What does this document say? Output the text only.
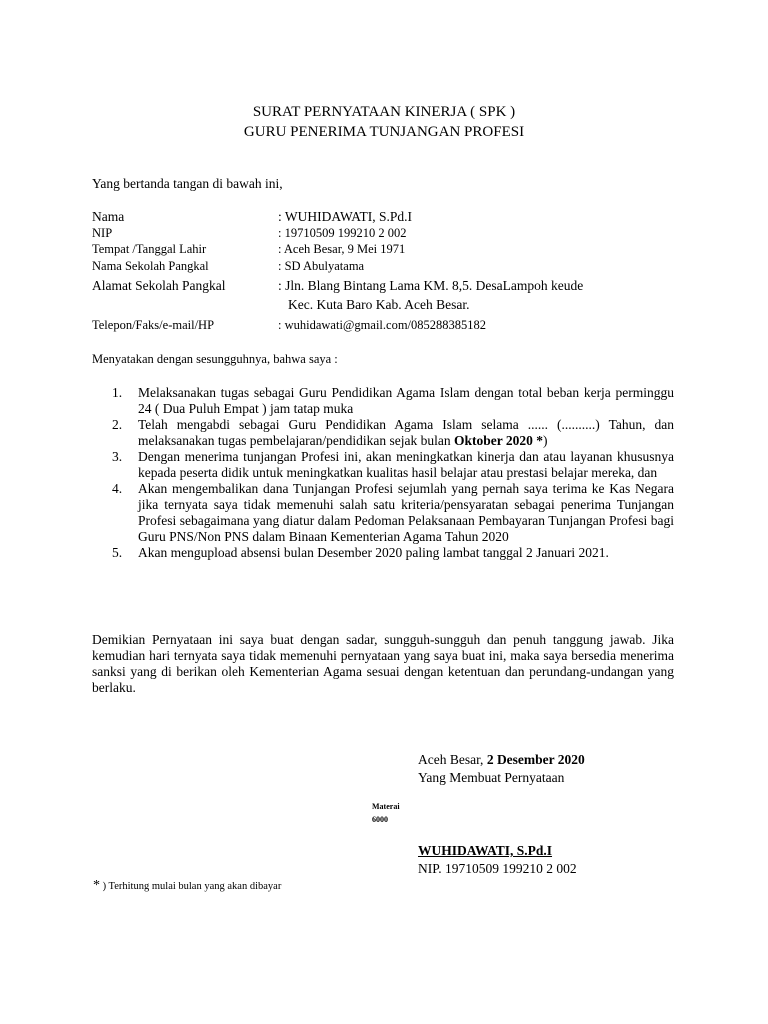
SURAT PERNYATAAN KINERJA ( SPK )
GURU PENERIMA TUNJANGAN PROFESI
Yang bertanda tangan di bawah ini,
Nama	: WUHIDAWATI, S.Pd.I
NIP	: 19710509 199210 2 002
Tempat /Tanggal Lahir	: Aceh Besar, 9 Mei 1971
Nama Sekolah Pangkal	: SD Abulyatama
Alamat Sekolah Pangkal	: Jln. Blang Bintang Lama KM. 8,5. DesaLampoh keude
Kec. Kuta Baro Kab. Aceh Besar.
Telepon/Faks/e-mail/HP	: wuhidawati@gmail.com/085288385182
Menyatakan dengan sesungguhnya, bahwa saya :
1. Melaksanakan tugas sebagai Guru Pendidikan Agama Islam dengan total beban kerja perminggu 24 ( Dua Puluh Empat ) jam tatap muka
2. Telah mengabdi sebagai Guru Pendidikan Agama Islam selama ...... (..........) Tahun, dan melaksanakan tugas pembelajaran/pendidikan sejak bulan Oktober 2020 *)
3. Dengan menerima tunjangan Profesi ini, akan meningkatkan kinerja dan atau layanan khususnya kepada peserta didik untuk meningkatkan kualitas hasil belajar atau prestasi belajar mereka, dan
4. Akan mengembalikan dana Tunjangan Profesi sejumlah yang pernah saya terima ke Kas Negara jika ternyata saya tidak memenuhi salah satu kriteria/pensyaratan sebagai penerima Tunjangan Profesi sebagaimana yang diatur dalam Pedoman Pelaksanaan Pembayaran Tunjangan Profesi bagi Guru PNS/Non PNS dalam Binaan Kementerian Agama Tahun 2020
5. Akan mengupload absensi bulan Desember 2020 paling lambat tanggal 2 Januari 2021.
Demikian Pernyataan ini saya buat dengan sadar, sungguh-sungguh dan penuh tanggung jawab. Jika kemudian hari ternyata saya tidak memenuhi pernyataan yang saya buat ini, maka saya bersedia menerima sanksi yang di berikan oleh Kementerian Agama sesuai dengan ketentuan dan perundang-undangan yang berlaku.
Aceh Besar, 2 Desember 2020
Yang Membuat Pernyataan
Materai
6000
WUHIDAWATI, S.Pd.I
NIP. 19710509 199210 2 002
* ) Terhitung mulai bulan yang akan dibayar
